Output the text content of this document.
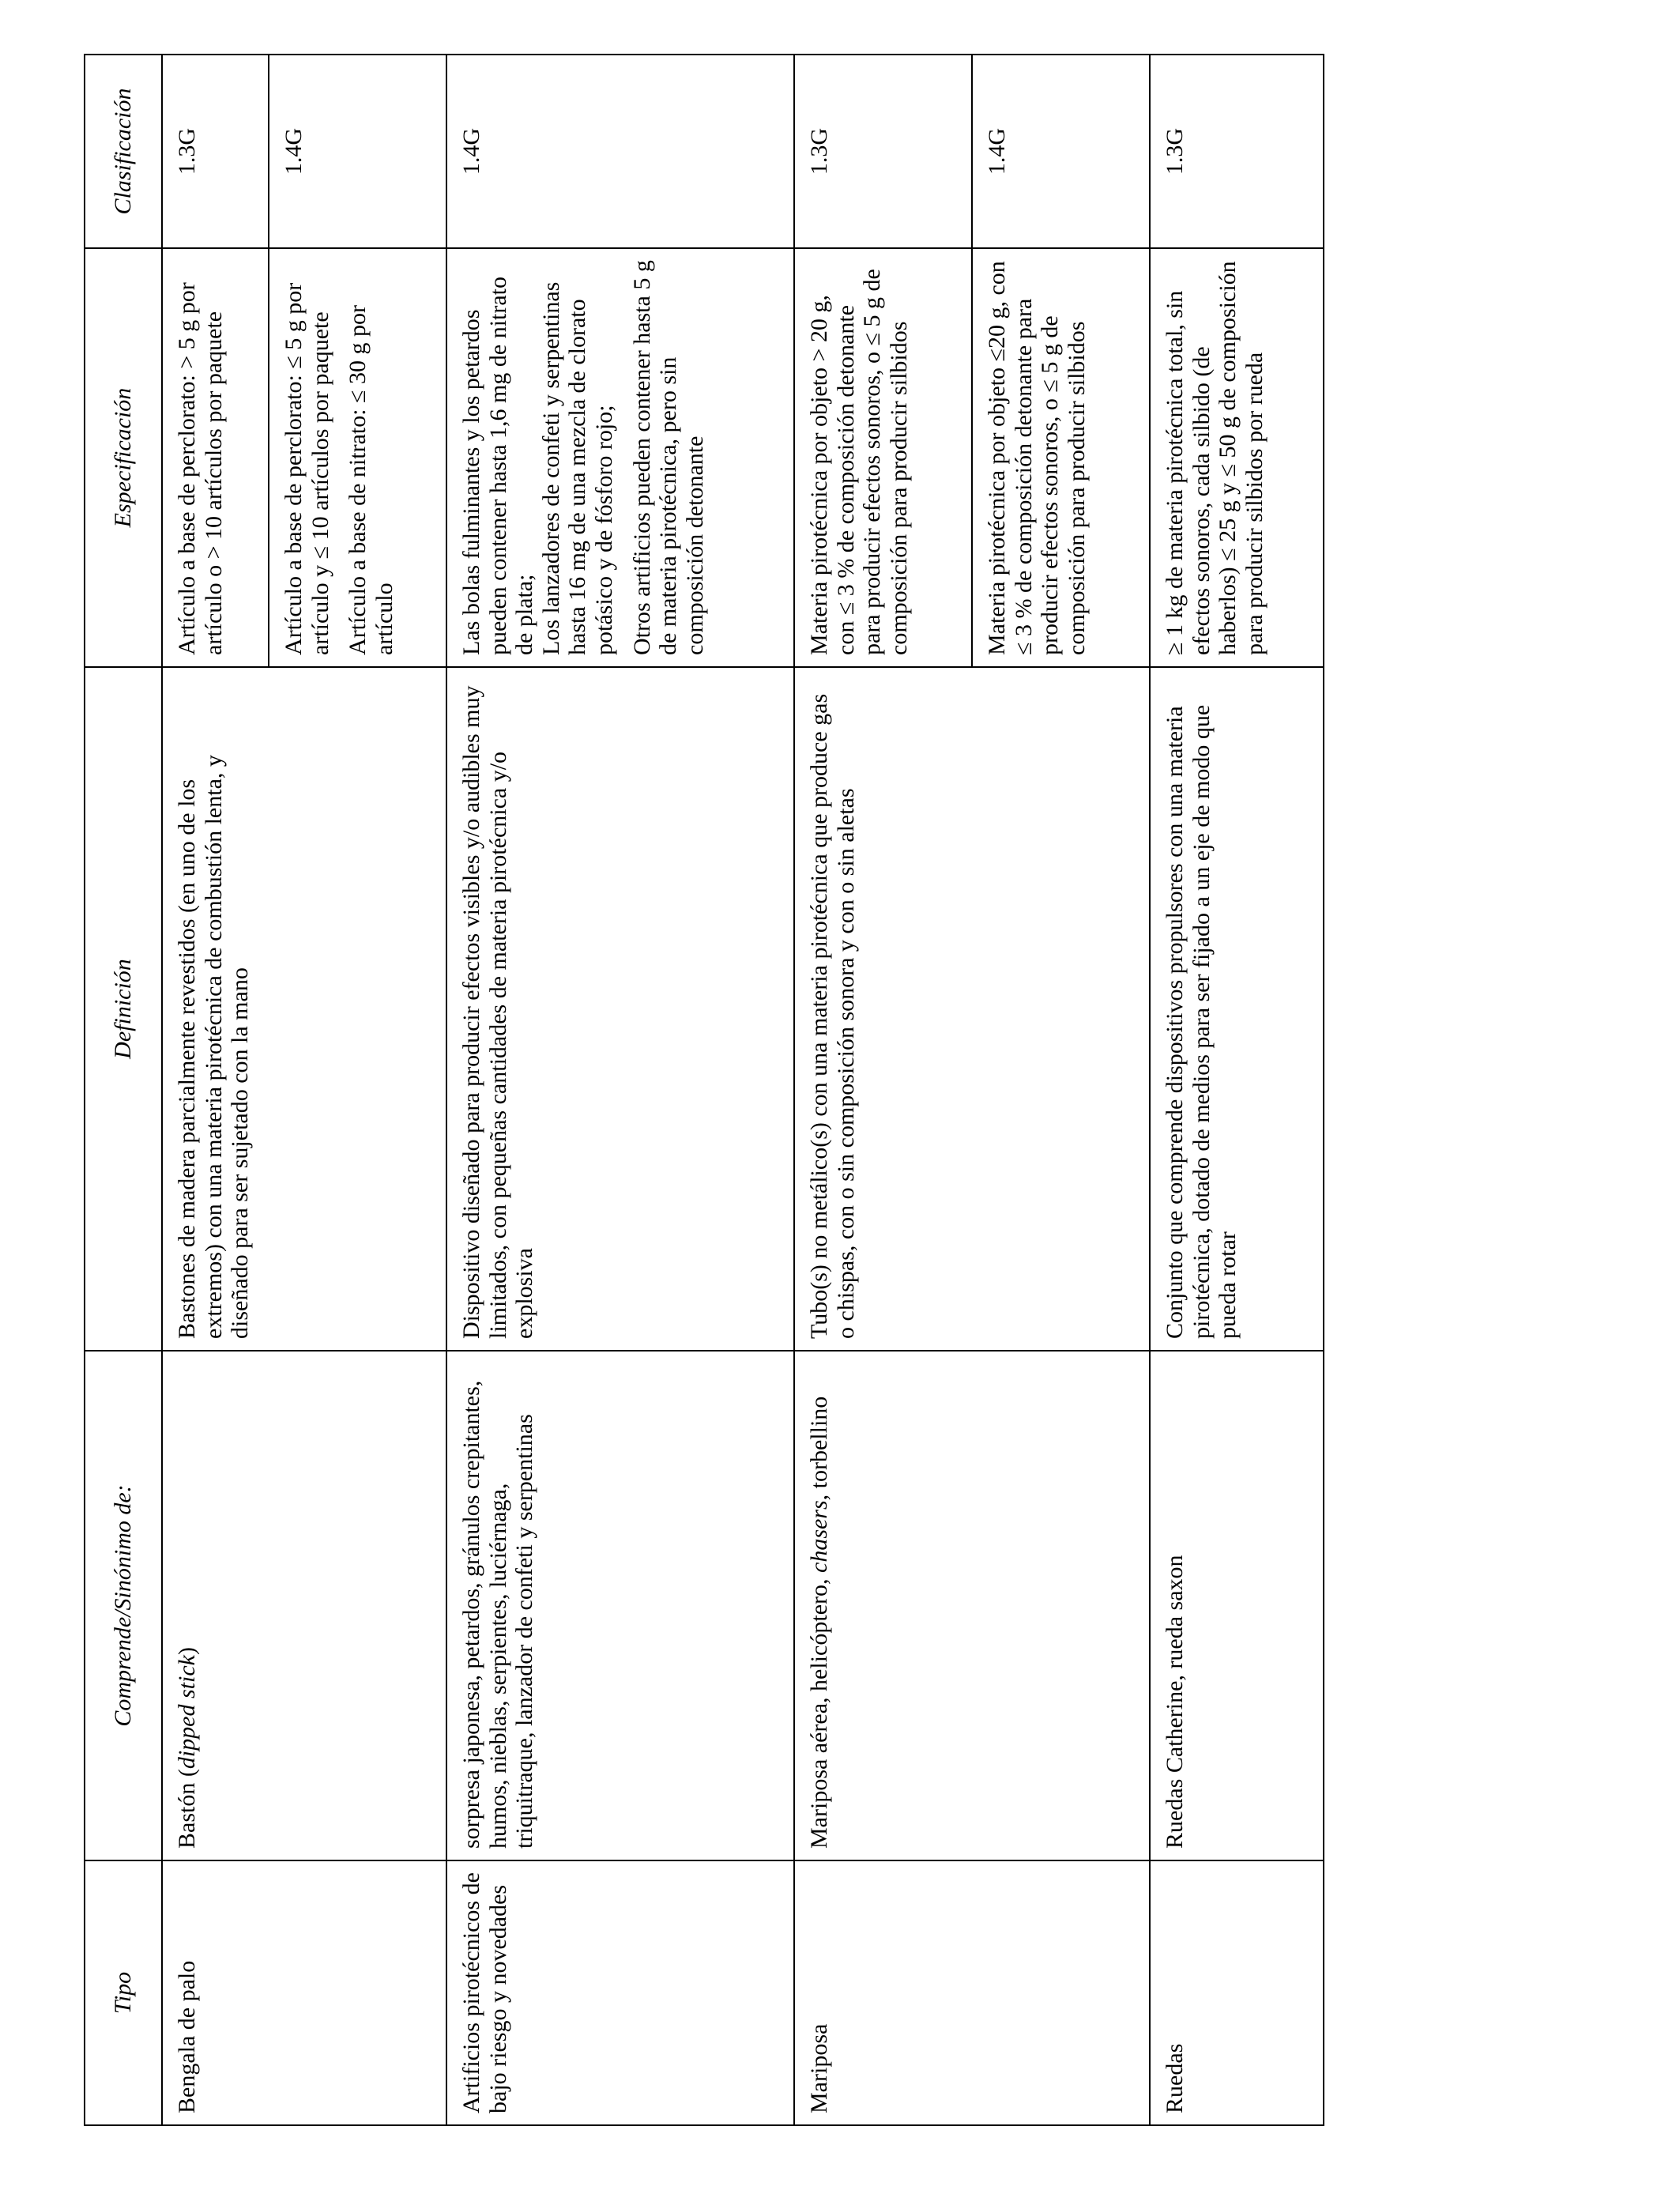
Tipo	Comprende/Sinónimo de:	Definición	Especificación	Clasificación
Bengala de palo	Bastón (dipped stick)	Bastones de madera parcialmente revestidos (en uno de los extremos) con una materia pirotécnica de combustión lenta, y diseñado para ser sujetado con la mano	Artículo a base de perclorato: > 5 g por artículo o > 10 artículos por paquete	1.3G

			Artículo a base de perclorato: ≤ 5 g por artículo y ≤ 10 artículos por paquete Artículo a base de nitrato: ≤ 30 g por artículo	1.4G
Artificios pirotécnicos de bajo riesgo y novedades	sorpresa japonesa, petardos, gránulos crepitantes, humos, nieblas, serpientes, luciérnaga, triquitraque, lanzador de confeti y serpentinas	Dispositivo diseñado para producir efectos visibles y/o audibles muy limitados, con pequeñas cantidades de materia pirotécnica y/o explosiva	Las bolas fulminantes y los petardos pueden contener hasta 1,6 mg de nitrato de plata; Los lanzadores de confeti y serpentinas hasta 16 mg de una mezcla de clorato potásico y de fósforo rojo; Otros artificios pueden contener hasta 5 g de materia pirotécnica, pero sin composición detonante	1.4G
Mariposa	Mariposa aérea, helicóptero, chasers, torbellino	Tubo(s) no metálico(s) con una materia pirotécnica que produce gas o chispas, con o sin composición sonora y con o sin aletas	Materia pirotécnica por objeto > 20 g, con ≤ 3 % de composición detonante para producir efectos sonoros, o ≤ 5 g de composición para producir silbidos	1.3G
			Materia pirotécnica por objeto ≤20 g, con ≤ 3 % de composición detonante para producir efectos sonoros, o ≤ 5 g de composición para producir silbidos	1.4G
Ruedas	Ruedas Catherine, rueda saxon	Conjunto que comprende dispositivos propulsores con una materia pirotécnica, dotado de medios para ser fijado a un eje de modo que pueda rotar	≥ 1 kg de materia pirotécnica total, sin efectos sonoros, cada silbido (de haberlos) ≤ 25 g y ≤ 50 g de composición para producir silbidos por rueda	1.3G
